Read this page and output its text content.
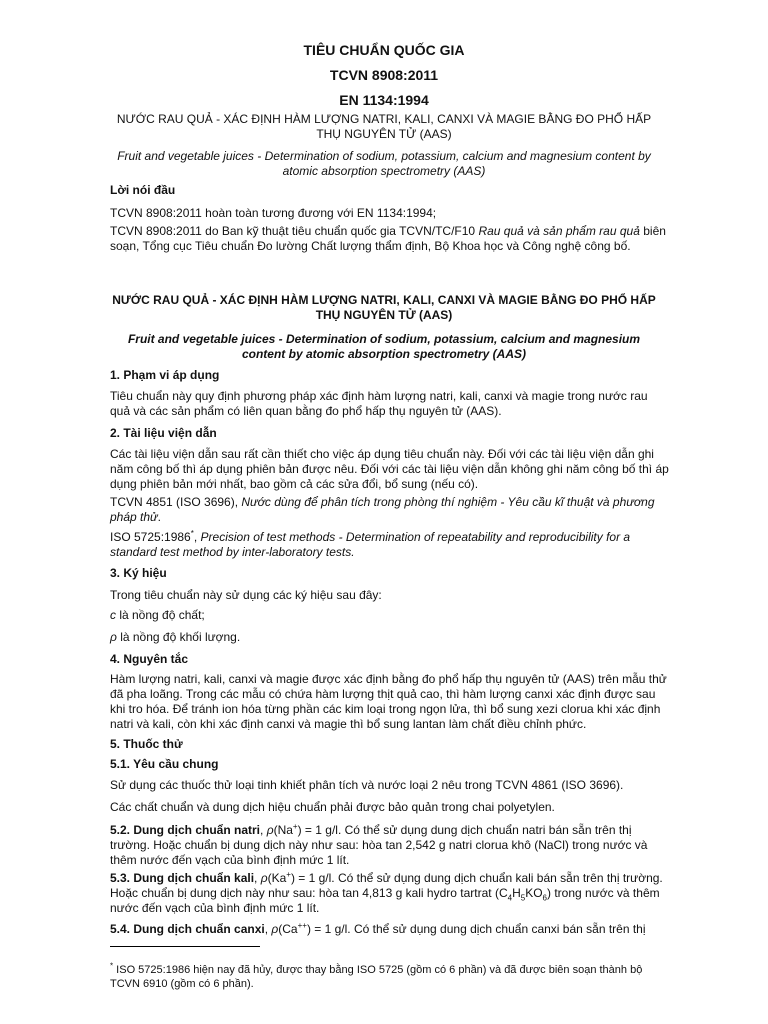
TIÊU CHUẨN QUỐC GIA
TCVN 8908:2011
EN 1134:1994
NƯỚC RAU QUẢ - XÁC ĐỊNH HÀM LƯỢNG NATRI, KALI, CANXI VÀ MAGIE BẰNG ĐO PHỔ HẤP THỤ NGUYÊN TỬ (AAS)
Fruit and vegetable juices - Determination of sodium, potassium, calcium and magnesium content by atomic absorption spectrometry (AAS)
Lời nói đầu
TCVN 8908:2011 hoàn toàn tương đương với EN 1134:1994;
TCVN 8908:2011 do Ban kỹ thuật tiêu chuẩn quốc gia TCVN/TC/F10 Rau quả và sản phẩm rau quả biên soạn, Tổng cục Tiêu chuẩn Đo lường Chất lượng thẩm định, Bộ Khoa học và Công nghệ công bố.
NƯỚC RAU QUẢ - XÁC ĐỊNH HÀM LƯỢNG NATRI, KALI, CANXI VÀ MAGIE BẰNG ĐO PHỔ HẤP THỤ NGUYÊN TỬ (AAS)
Fruit and vegetable juices - Determination of sodium, potassium, calcium and magnesium content by atomic absorption spectrometry (AAS)
1. Phạm vi áp dụng
Tiêu chuẩn này quy định phương pháp xác định hàm lượng natri, kali, canxi và magie trong nước rau quả và các sản phẩm có liên quan bằng đo phổ hấp thụ nguyên tử (AAS).
2. Tài liệu viện dẫn
Các tài liệu viện dẫn sau rất cần thiết cho việc áp dụng tiêu chuẩn này. Đối với các tài liệu viện dẫn ghi năm công bố thì áp dụng phiên bản được nêu. Đối với các tài liệu viện dẫn không ghi năm công bố thì áp dụng phiên bản mới nhất, bao gồm cả các sửa đổi, bổ sung (nếu có).
TCVN 4851 (ISO 3696), Nước dùng để phân tích trong phòng thí nghiệm - Yêu cầu kĩ thuật và phương pháp thử.
ISO 5725:1986*, Precision of test methods - Determination of repeatability and reproducibility for a standard test method by inter-laboratory tests.
3. Ký hiệu
Trong tiêu chuẩn này sử dụng các ký hiệu sau đây:
c là nồng độ chất;
ρ là nồng độ khối lượng.
4. Nguyên tắc
Hàm lượng natri, kali, canxi và magie được xác định bằng đo phổ hấp thụ nguyên tử (AAS) trên mẫu thử đã pha loãng. Trong các mẫu có chứa hàm lượng thịt quả cao, thì hàm lượng canxi xác định được sau khi tro hóa. Để tránh ion hóa từng phần các kim loại trong ngọn lửa, thì bổ sung xezi clorua khi xác định natri và kali, còn khi xác định canxi và magie thì bổ sung lantan làm chất điều chỉnh phức.
5. Thuốc thử
5.1. Yêu cầu chung
Sử dụng các thuốc thử loại tinh khiết phân tích và nước loại 2 nêu trong TCVN 4861 (ISO 3696).
Các chất chuẩn và dung dịch hiệu chuẩn phải được bảo quản trong chai polyetylen.
5.2. Dung dịch chuẩn natri, ρ(Na+) = 1 g/l. Có thể sử dụng dung dịch chuẩn natri bán sẵn trên thị trường. Hoặc chuẩn bị dung dịch này như sau: hòa tan 2,542 g natri clorua khô (NaCl) trong nước và thêm nước đến vạch của bình định mức 1 lít.
5.3. Dung dịch chuẩn kali, ρ(Ka+) = 1 g/l. Có thể sử dụng dung dịch chuẩn kali bán sẵn trên thị trường. Hoặc chuẩn bị dung dịch này như sau: hòa tan 4,813 g kali hydro tartrat $(C_4H_5KO_6)$ trong nước và thêm nước đến vạch của bình định mức 1 lít.
5.4. Dung dịch chuẩn canxi, ρ(Ca++) = 1 g/l. Có thể sử dụng dung dịch chuẩn canxi bán sẵn trên thị
* ISO 5725:1986 hiện nay đã hủy, được thay bằng ISO 5725 (gồm có 6 phần) và đã được biên soạn thành bộ TCVN 6910 (gồm có 6 phần).
